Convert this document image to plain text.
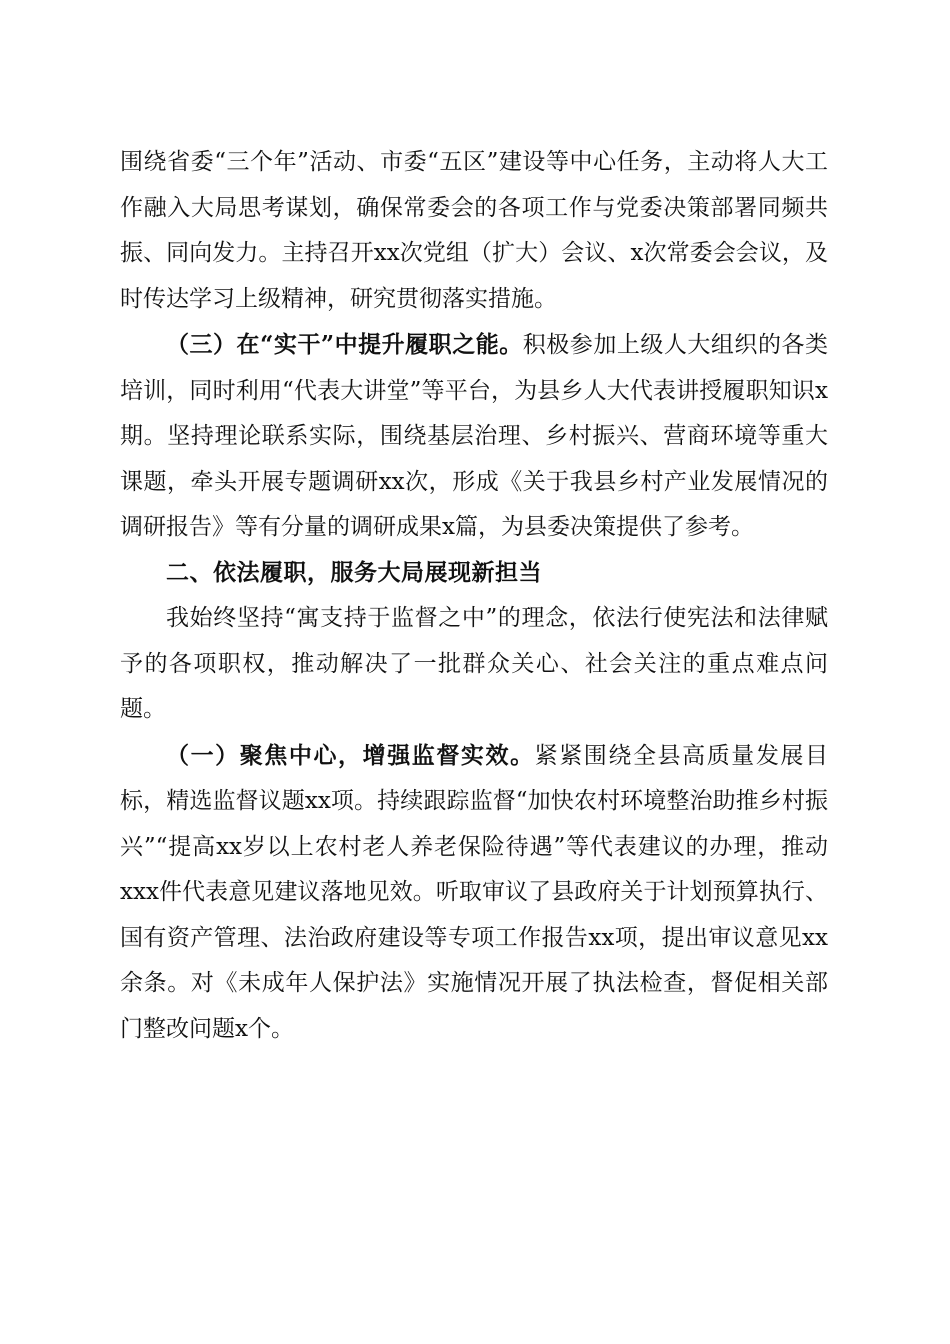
围绕省委“三个年”活动、市委“五区”建设等中心任务，主动将人大工作融入大局思考谋划，确保常委会的各项工作与党委决策部署同频共振、同向发力。主持召开xx次党组（扩大）会议、x次常委会会议，及时传达学习上级精神，研究贯彻落实措施。

（三）在“实干”中提升履职之能。积极参加上级人大组织的各类培训，同时利用“代表大讲堂”等平台，为县乡人大代表讲授履职知识x期。坚持理论联系实际，围绕基层治理、乡村振兴、营商环境等重大课题，牵头开展专题调研xx次，形成《关于我县乡村产业发展情况的调研报告》等有分量的调研成果x篇，为县委决策提供了参考。

二、依法履职，服务大局展现新担当

我始终坚持“寓支持于监督之中”的理念，依法行使宪法和法律赋予的各项职权，推动解决了一批群众关心、社会关注的重点难点问题。

（一）聚焦中心，增强监督实效。紧紧围绕全县高质量发展目标，精选监督议题xx项。持续跟踪监督“加快农村环境整治助推乡村振兴”“提高xx岁以上农村老人养老保险待遇”等代表建议的办理，推动xxx件代表意见建议落地见效。听取审议了县政府关于计划预算执行、国有资产管理、法治政府建设等专项工作报告xx项，提出审议意见xx余条。对《未成年人保护法》实施情况开展了执法检查，督促相关部门整改问题x个。
